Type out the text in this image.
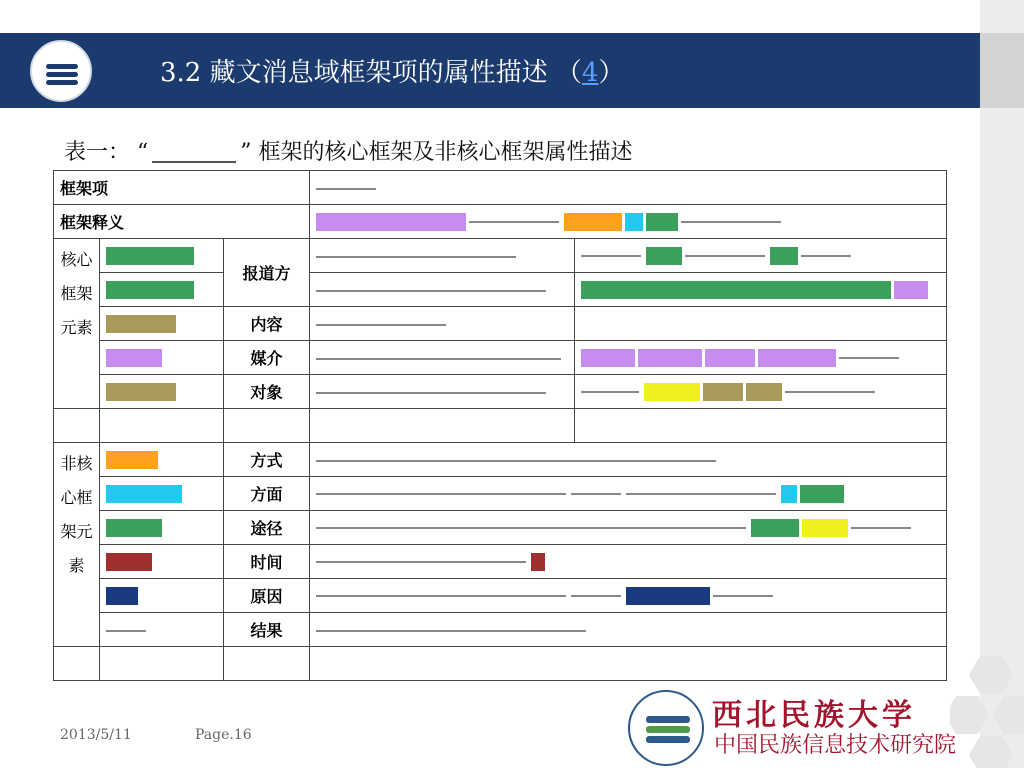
3.2 藏文消息域框架项的属性描述 （4）
表一： “	” 框架的核心框架及非核心框架属性描述
框架项				
框架释义				
核心框架元素		报道方		

		内容		
		媒介		
		对象		

非核心框架元素		方式		
		方面		
		途径		
		时间		
		原因		
		结果		

2013/5/11	Page.16
西北民族大学
中国民族信息技术研究院
